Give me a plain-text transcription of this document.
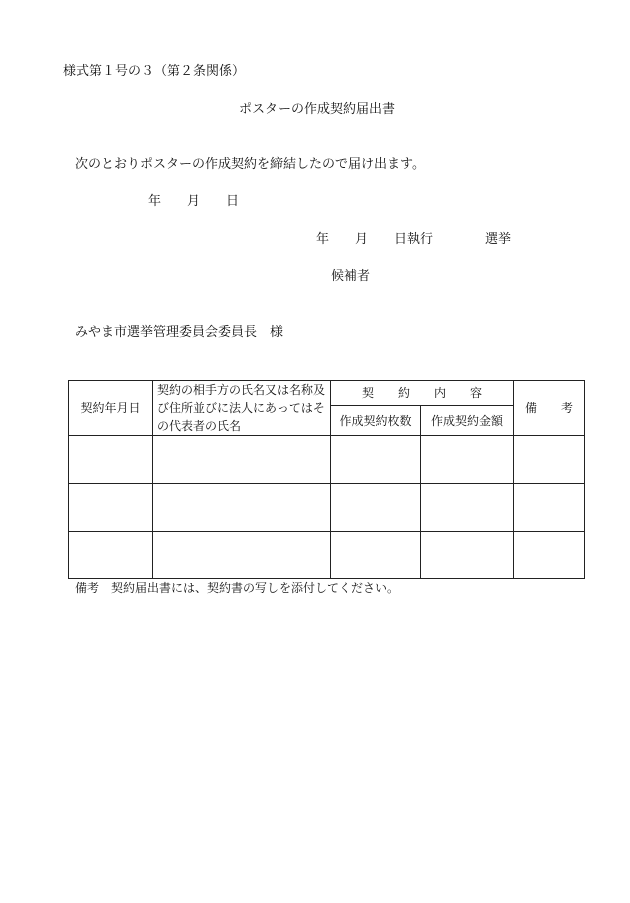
様式第１号の３（第２条関係）
ポスターの作成契約届出書
次のとおりポスターの作成契約を締結したので届け出ます。
年　　月　　日
年　　月　　日執行　　　　選挙
候補者
みやま市選挙管理委員会委員長　様
契約年月日	契約の相手方の氏名又は名称及
び住所並びに法人にあってはそ
の代表者の氏名	契　　約　　内　　容		備　　考
		作成契約枚数	作成契約金額	

備考　契約届出書には、契約書の写しを添付してください。
